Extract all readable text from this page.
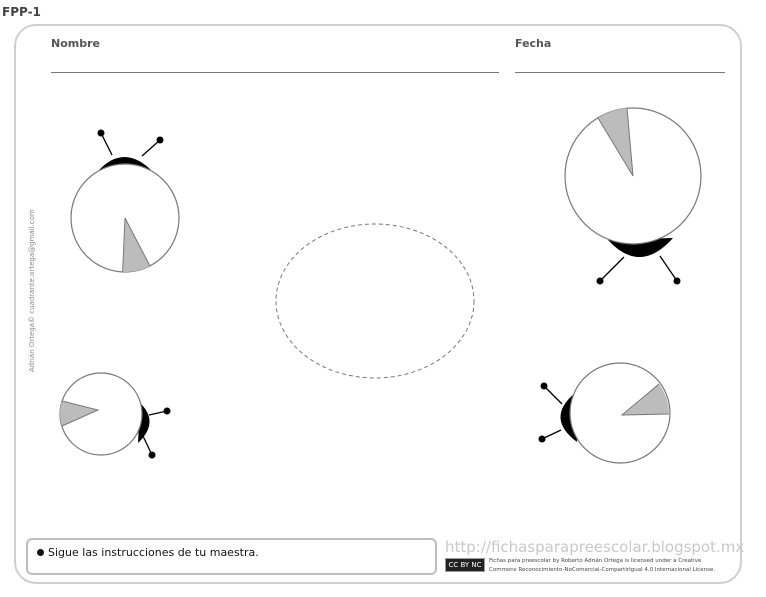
FPP-1
Nombre	Fecha
Adrián Ortega© cuadrante.ortega@gmail.com
Sigue las instrucciones de tu maestra.	http://fichasparapreescolar.blogspot.mx
CC BY NC SA
Fichas para preescolar by Roberto Adrián Ortega is licensed under a Creative
Commons Reconocimiento-NoComercial-CompartirIgual 4.0 Internacional License.
